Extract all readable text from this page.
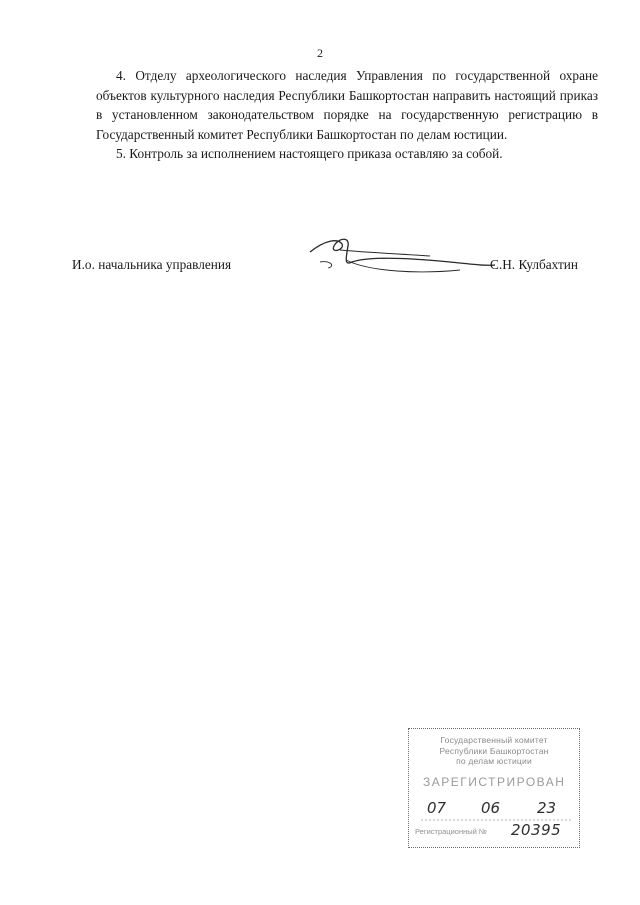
2

4. Отделу археологического наследия Управления по государственной охране объектов культурного наследия Республики Башкортостан направить настоящий приказ в установленном законодательством порядке на государственную регистрацию в Государственный комитет Республики Башкортостан по делам юстиции.

5. Контроль за исполнением настоящего приказа оставляю за собой.

И.о. начальника управления	С.Н. Кулбахтин
Государственный комитет
Республики Башкортостан
по делам юстиции
ЗАРЕГИСТРИРОВАН
07 06 23
Регистрационный № 20395
